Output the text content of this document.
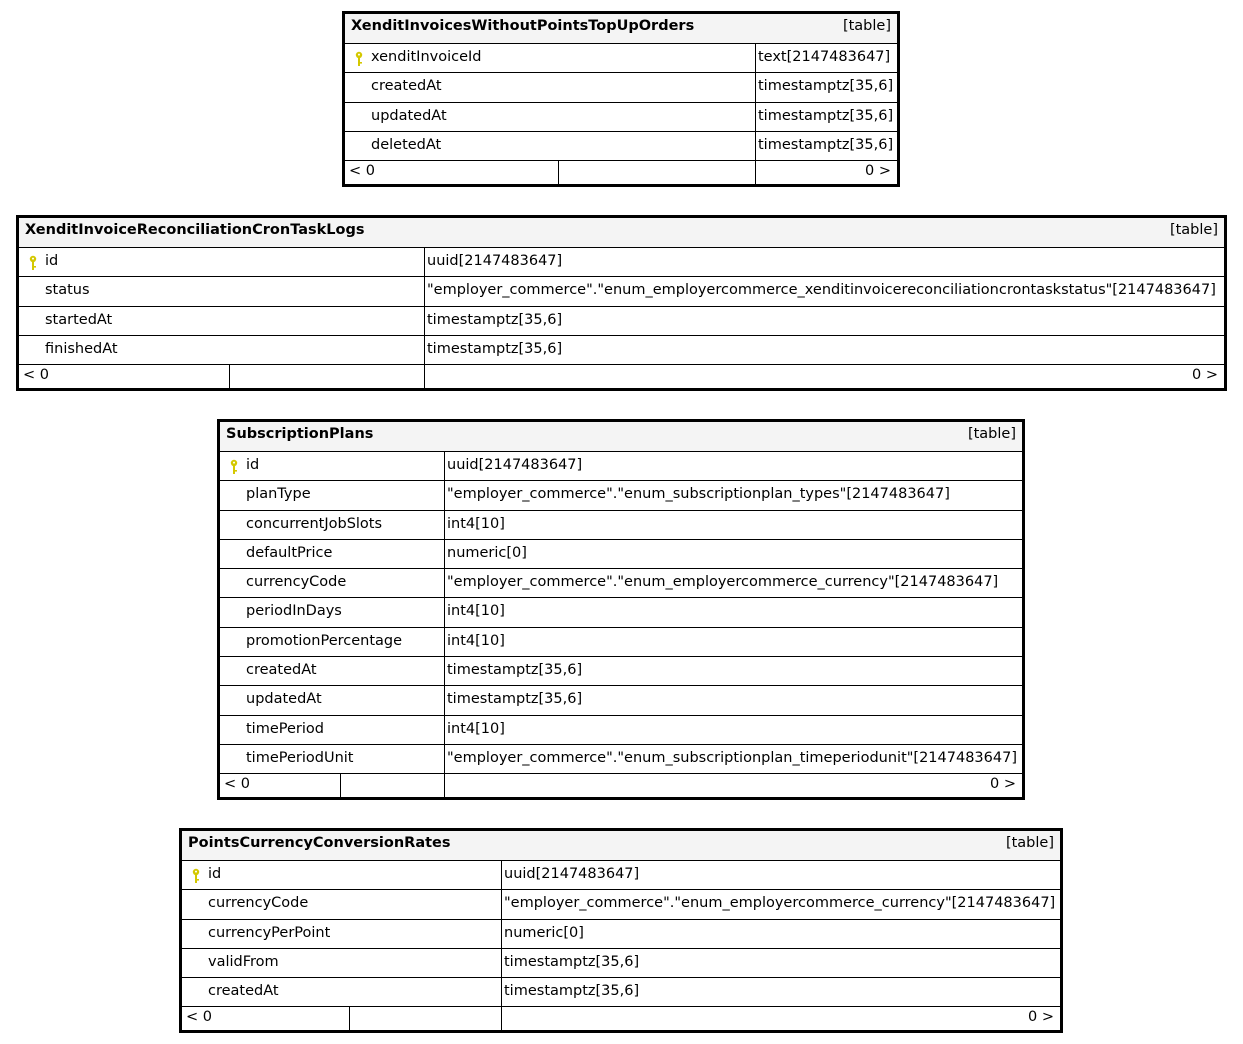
XenditInvoicesWithoutPointsTopUpOrders	[table]
xenditInvoiceId	text[2147483647]
createdAt	timestamptz[35,6]
updatedAt	timestamptz[35,6]
deletedAt	timestamptz[35,6]
< 0	0 >
XenditInvoiceReconciliationCronTaskLogs	[table]
id	uuid[2147483647]
status	"employer_commerce"."enum_employercommerce_xenditinvoicereconciliationcrontaskstatus"[2147483647]
startedAt	timestamptz[35,6]
finishedAt	timestamptz[35,6]
< 0	0 >
SubscriptionPlans	[table]
id	uuid[2147483647]
planType	"employer_commerce"."enum_subscriptionplan_types"[2147483647]
concurrentJobSlots	int4[10]
defaultPrice	numeric[0]
currencyCode	"employer_commerce"."enum_employercommerce_currency"[2147483647]
periodInDays	int4[10]
promotionPercentage	int4[10]
createdAt	timestamptz[35,6]
updatedAt	timestamptz[35,6]
timePeriod	int4[10]
timePeriodUnit	"employer_commerce"."enum_subscriptionplan_timeperiodunit"[2147483647]
< 0	0 >
PointsCurrencyConversionRates	[table]
id	uuid[2147483647]
currencyCode	"employer_commerce"."enum_employercommerce_currency"[2147483647]
currencyPerPoint	numeric[0]
validFrom	timestamptz[35,6]
createdAt	timestamptz[35,6]
< 0	0 >
